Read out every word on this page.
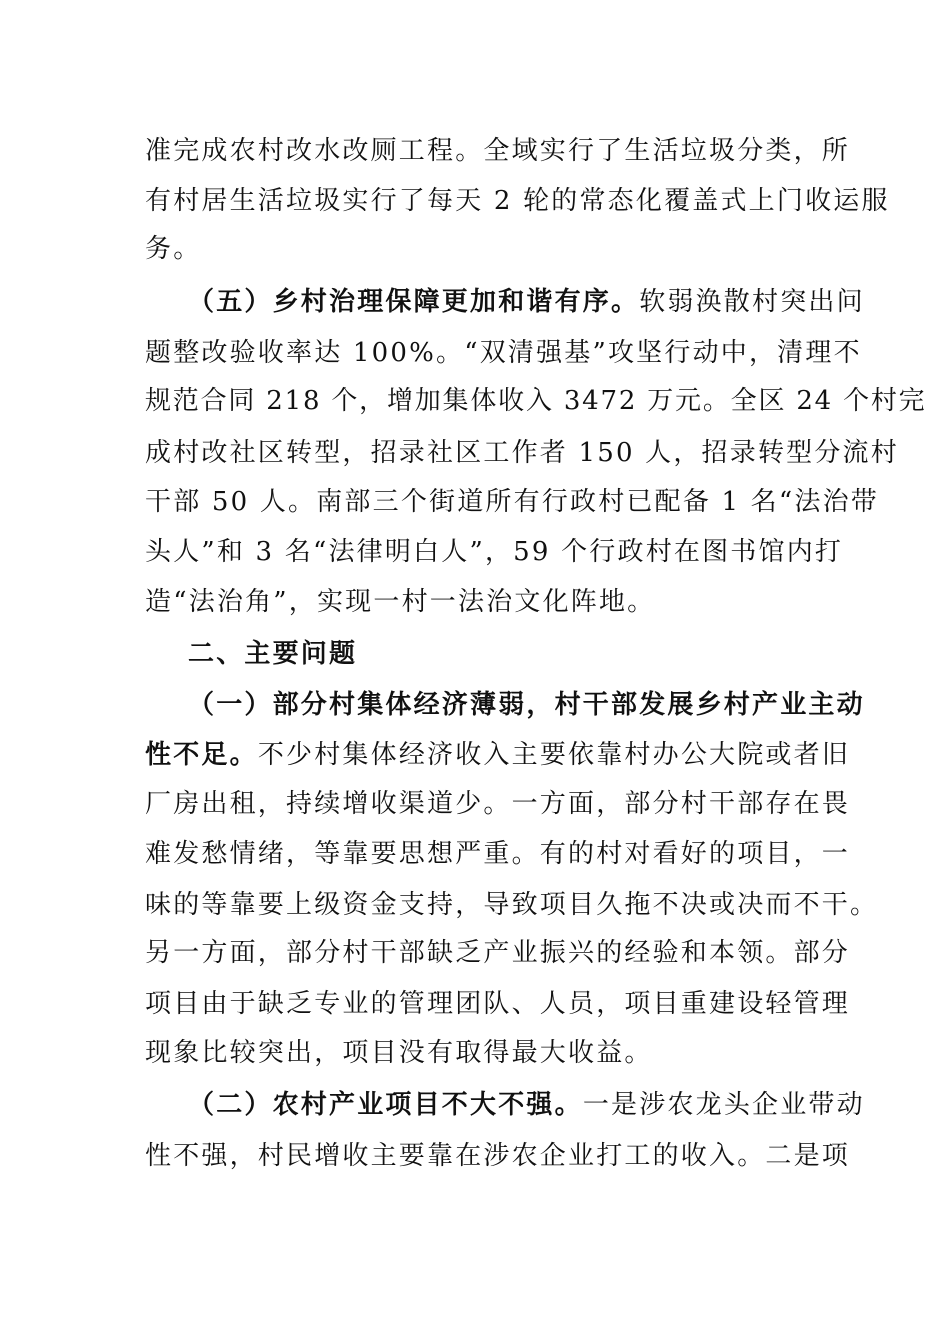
准完成农村改水改厕工程。全域实行了生活垃圾分类，所
有村居生活垃圾实行了每天 2 轮的常态化覆盖式上门收运服
务。
（五）乡村治理保障更加和谐有序。软弱涣散村突出问
题整改验收率达 100%。“双清强基”攻坚行动中，清理不
规范合同 218 个，增加集体收入 3472 万元。全区 24 个村完
成村改社区转型，招录社区工作者 150 人，招录转型分流村
干部 50 人。南部三个街道所有行政村已配备 1 名“法治带
头人”和 3 名“法律明白人”，59 个行政村在图书馆内打
造“法治角”，实现一村一法治文化阵地。
二、主要问题
（一）部分村集体经济薄弱，村干部发展乡村产业主动
性不足。不少村集体经济收入主要依靠村办公大院或者旧
厂房出租，持续增收渠道少。一方面，部分村干部存在畏
难发愁情绪，等靠要思想严重。有的村对看好的项目，一
味的等靠要上级资金支持，导致项目久拖不决或决而不干。
另一方面，部分村干部缺乏产业振兴的经验和本领。部分
项目由于缺乏专业的管理团队、人员，项目重建设轻管理
现象比较突出，项目没有取得最大收益。
（二）农村产业项目不大不强。一是涉农龙头企业带动
性不强，村民增收主要靠在涉农企业打工的收入。二是项
